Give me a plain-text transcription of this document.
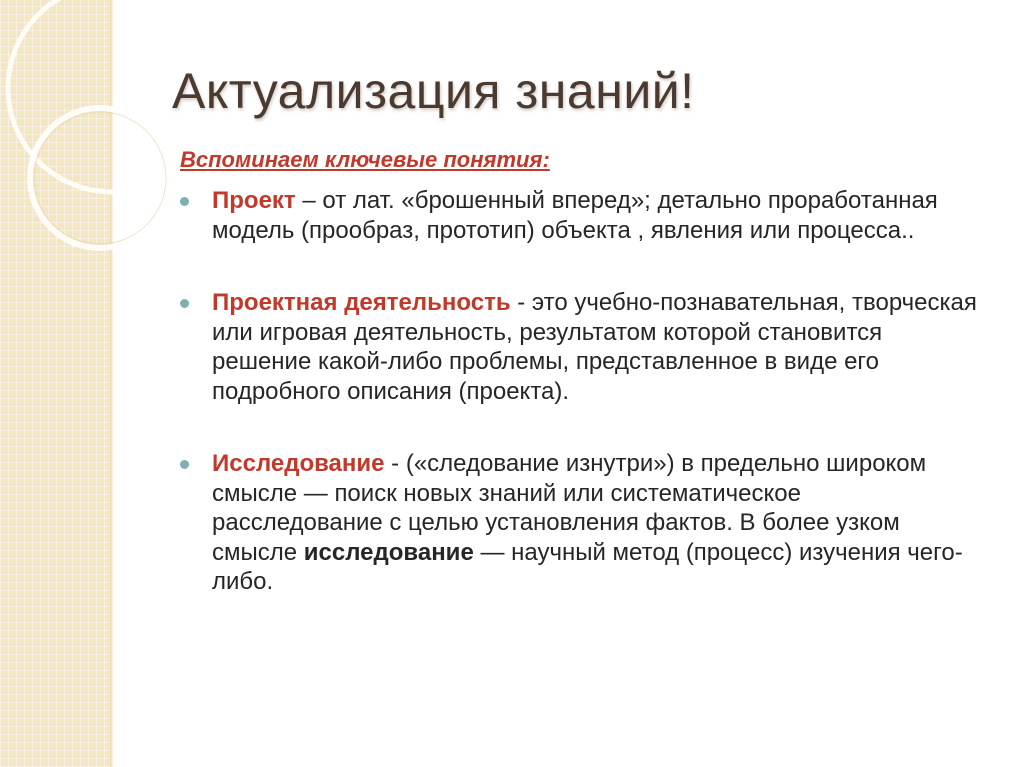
Актуализация знаний!
Вспоминаем ключевые понятия:
Проект – от лат. «брошенный вперед»; детально проработанная модель (прообраз, прототип) объекта , явления или процесса..
Проектная деятельность - это учебно-познавательная, творческая или игровая деятельность, результатом которой становится решение какой-либо проблемы, представленное в виде его подробного описания (проекта).
Исследование - («следование изнутри») в предельно широком смысле — поиск новых знаний или систематическое расследование с целью установления фактов. В более узком смысле исследование — научный метод (процесс) изучения чего-либо.
